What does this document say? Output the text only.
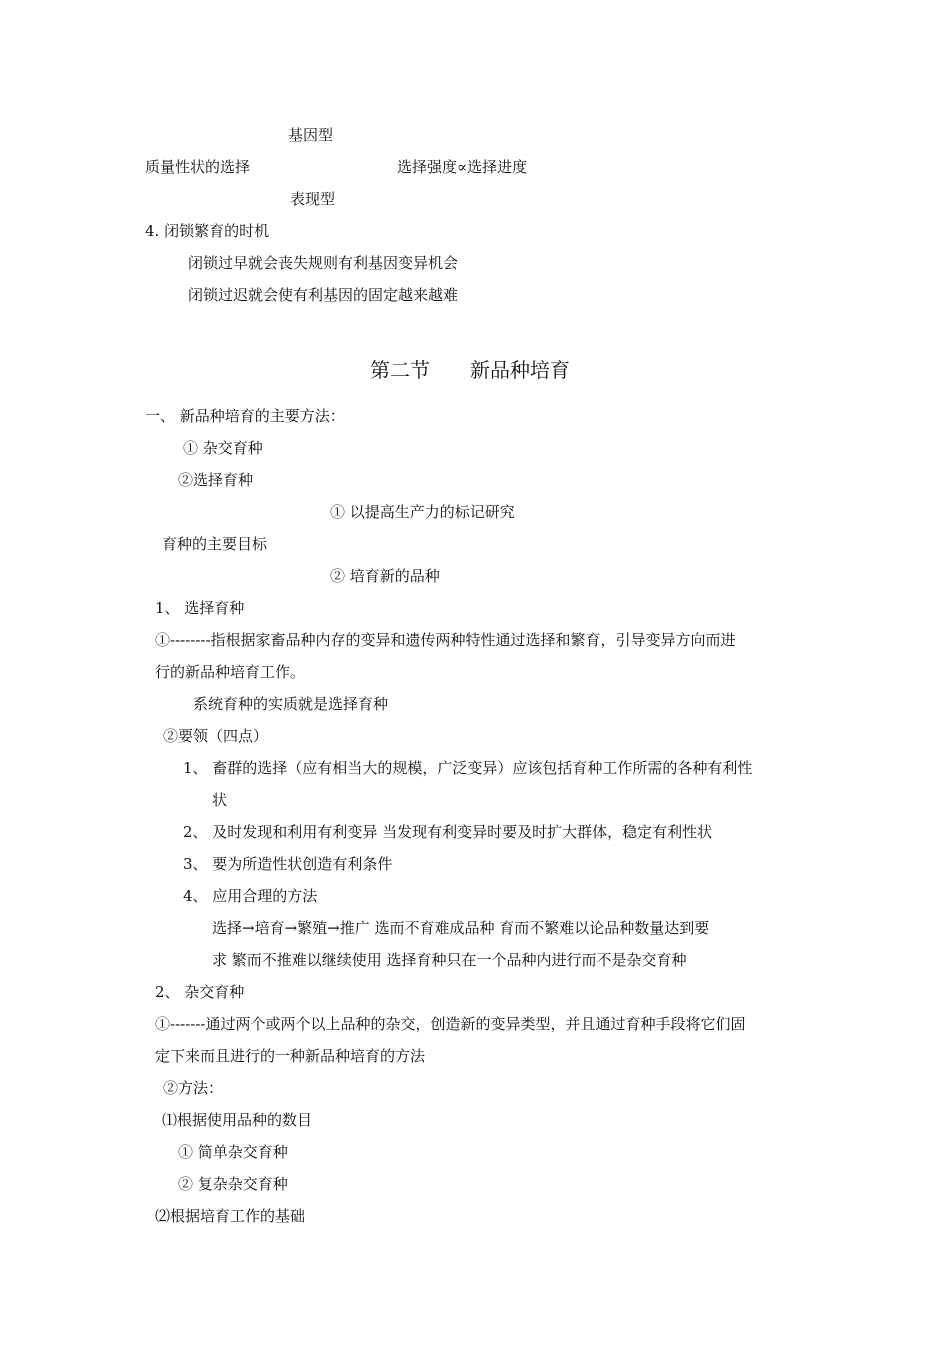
基因型
质量性状的选择	选择强度∝选择进度
表现型
4. 闭锁繁育的时机
闭锁过早就会丧失规则有利基因变异机会
闭锁过迟就会使有利基因的固定越来越难
第二节　　新品种培育
一、 新品种培育的主要方法：
① 杂交育种
②选择育种
① 以提高生产力的标记研究
育种的主要目标
② 培育新的品种
1、 选择育种
①--------指根据家畜品种内存的变异和遗传两种特性通过选择和繁育，引导变异方向而进
行的新品种培育工作。
系统育种的实质就是选择育种
②要领（四点）
1、 畜群的选择（应有相当大的规模，广泛变异）应该包括育种工作所需的各种有利性
状
2、 及时发现和利用有利变异 当发现有利变异时要及时扩大群体，稳定有利性状
3、 要为所造性状创造有利条件
4、 应用合理的方法
选择→培育→繁殖→推广 选而不育难成品种 育而不繁难以论品种数量达到要
求 繁而不推难以继续使用 选择育种只在一个品种内进行而不是杂交育种
2、 杂交育种
①-------通过两个或两个以上品种的杂交，创造新的变异类型，并且通过育种手段将它们固
定下来而且进行的一种新品种培育的方法
②方法：
⑴根据使用品种的数目
① 简单杂交育种
② 复杂杂交育种
⑵根据培育工作的基础
